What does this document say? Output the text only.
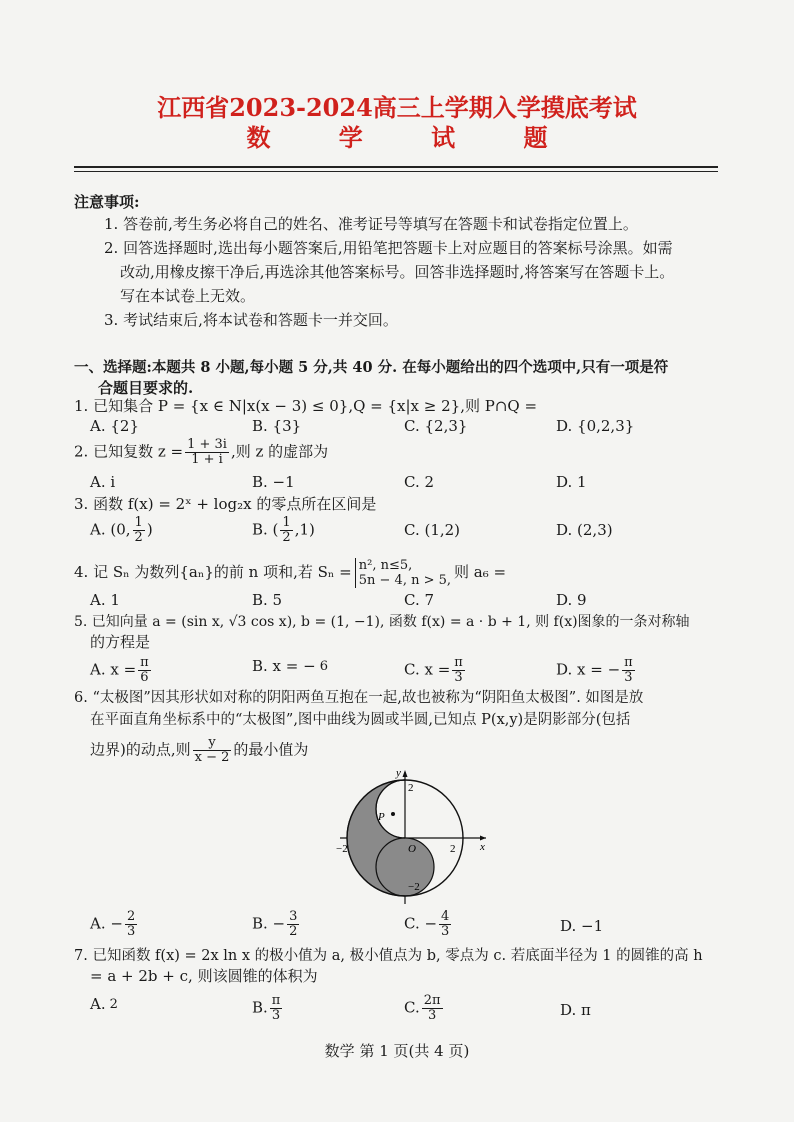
江西省2023-2024高三上学期入学摸底考试
数 学 试 题
注意事项:
1. 答卷前,考生务必将自己的姓名、准考证号等填写在答题卡和试卷指定位置上。
2. 回答选择题时,选出每小题答案后,用铅笔把答题卡上对应题目的答案标号涂黑。如需
改动,用橡皮擦干净后,再选涂其他答案标号。回答非选择题时,将答案写在答题卡上。
写在本试卷上无效。
3. 考试结束后,将本试卷和答题卡一并交回。
一、选择题:本题共 8 小题,每小题 5 分,共 40 分. 在每小题给出的四个选项中,只有一项是符
合题目要求的.
1. 已知集合 P = {x ∈ N|x(x − 3) ≤ 0},Q = {x|x ≥ 2},则 P∩Q =
A. {2}	B. {3}	C. {2,3}	D. {0,2,3}
2. 已知复数 $z = \frac{1 + 3i}{1 + i}$ ,则 z 的虚部为
A. i	B. −1	C. 2	D. 1
3. 函数 f(x) = 2ˣ + log₂x 的零点所在区间是
A. (0, $\frac{1}{2}$ )	B. ( $\frac{1}{2} ,1$)	C. (1,2)	D. (2,3)
4. 记 Sₙ 为数列{aₙ}的前 n 项和,若 Sₙ = n², n≤5,
5n − 4, n > 5, 则 a₆ =
A. 1	B. 5	C. 7	D. 9
5. 已知向量 a = (sin x, √3 cos x), b = (1, −1), 函数 f(x) = a · b + 1, 则 f(x)图象的一条对称轴
的方程是
A. $x = \frac{\pi}{6}$	B. x = − 6	C. $x = \frac{\pi}{3}$	D. x = − $\frac{\pi}{3}$
6. “太极图”因其形状如对称的阴阳两鱼互抱在一起,故也被称为“阴阳鱼太极图”. 如图是放
在平面直角坐标系中的“太极图”,图中曲线为圆或半圆,已知点 P(x,y)是阴影部分(包括
边界)的动点,则 $\frac{y}{x - 2}$ 的最小值为
P
y
x
O
2
−2
2
−2
A. − $\frac{2}{3}$	B. − $\frac{3}{2}$	C. − $\frac{4}{3}$	D. −1
7. 已知函数 f(x) = 2x ln x 的极小值为 a, 极小值点为 b, 零点为 c. 若底面半径为 1 的圆锥的高 h
= a + 2b + c, 则该圆锥的体积为
A. 2	B. $\frac{\pi}{3}$	C. $\frac{2\pi}{3}$	D. π
数学 第 1 页(共 4 页)
